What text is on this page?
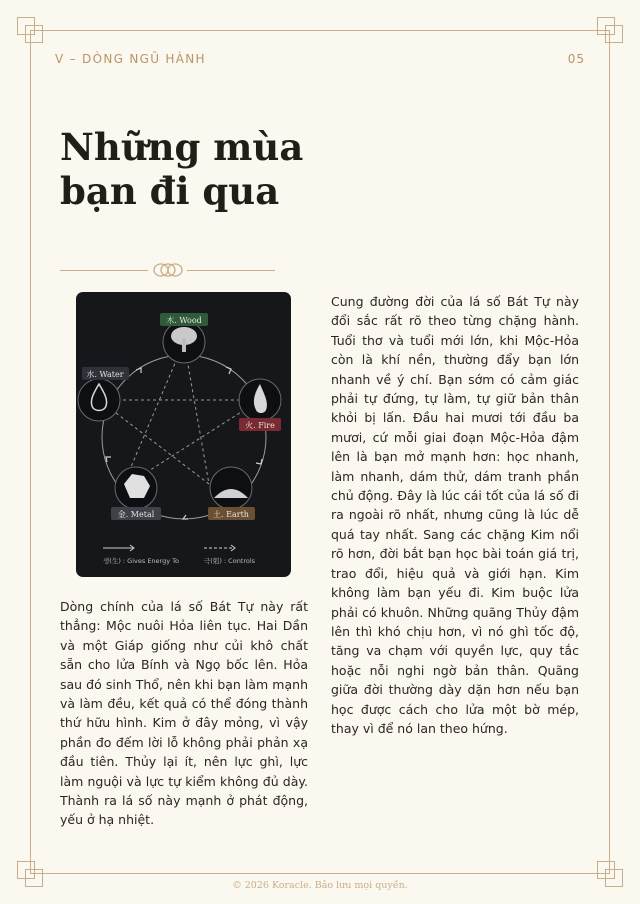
V – DÒNG NGŨ HÀNH	05
Những mùa
bạn đi qua
木. Wood
火. Fire
土. Earth
金. Metal
水. Water
생(生) : Gives Energy To	극(剋) : Controls

Cung đường đời của lá số Bát Tự này đổi sắc rất rõ theo từng chặng hành. Tuổi thơ và tuổi mới lớn, khi Mộc-Hỏa còn là khí nền, thường đẩy bạn lớn nhanh về ý chí. Bạn sớm có cảm giác phải tự đứng, tự làm, tự giữ bản thân khỏi bị lấn. Đầu hai mươi tới đầu ba mươi, cứ mỗi giai đoạn Mộc-Hỏa đậm lên là bạn mở mạnh hơn: học nhanh, làm nhanh, dám thử, dám tranh phần chủ động. Đây là lúc cái tốt của lá số đi ra ngoài rõ nhất, nhưng cũng là lúc dễ quá tay nhất. Sang các chặng Kim nổi rõ hơn, đời bắt bạn học bài toán giá trị, trao đổi, hiệu quả và giới hạn. Kim không làm bạn yếu đi. Kim buộc lửa phải có khuôn. Những quãng Thủy đậm lên thì khó chịu hơn, vì nó ghì tốc độ, tăng va chạm với quyền lực, quy tắc hoặc nỗi nghi ngờ bản thân. Quãng giữa đời thường dày dặn hơn nếu bạn học được cách cho lửa một bờ mép, thay vì để nó lan theo hứng.

Dòng chính của lá số Bát Tự này rất thẳng: Mộc nuôi Hỏa liên tục. Hai Dần và một Giáp giống như củi khô chất sẵn cho lửa Bính và Ngọ bốc lên. Hỏa sau đó sinh Thổ, nên khi bạn làm mạnh và làm đều, kết quả có thể đóng thành thứ hữu hình. Kim ở đây mỏng, vì vậy phần đo đếm lời lỗ không phải phản xạ đầu tiên. Thủy lại ít, nên lực ghì, lực làm nguội và lực tự kiểm không đủ dày. Thành ra lá số này mạnh ở phát động, yếu ở hạ nhiệt.

© 2026 Koracle. Bảo lưu mọi quyền.
